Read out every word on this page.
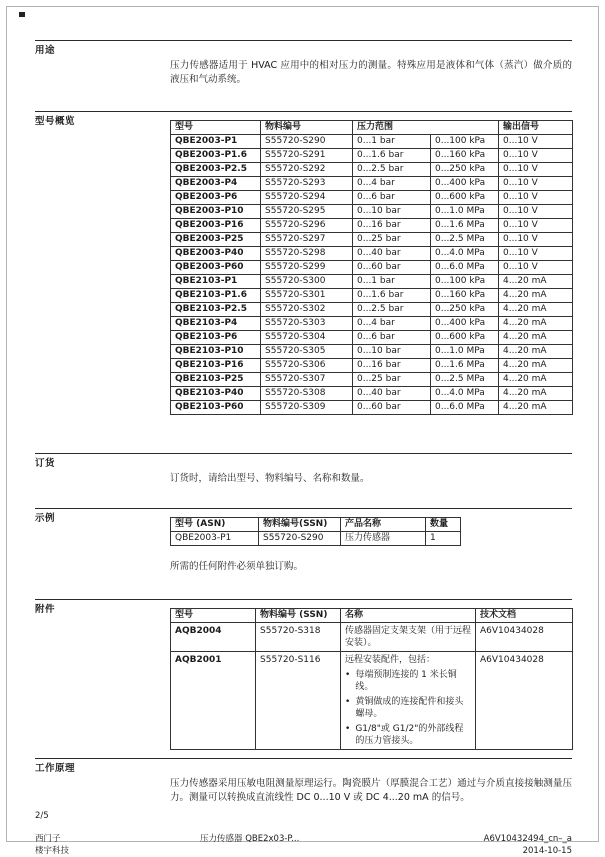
用途

压力传感器适用于 HVAC 应用中的相对压力的测量。特殊应用是液体和气体（蒸汽）做介质的液压和气动系统。

型号概览	型号	物料编号	压力范围		输出信号
QBE2003-P1	S55720-S290	0...1 bar	0...100 kPa	0...10 V
QBE2003-P1.6	S55720-S291	0...1.6 bar	0...160 kPa	0...10 V
QBE2003-P2.5	S55720-S292	0...2.5 bar	0...250 kPa	0...10 V
QBE2003-P4	S55720-S293	0...4 bar	0...400 kPa	0...10 V
QBE2003-P6	S55720-S294	0...6 bar	0...600 kPa	0...10 V
QBE2003-P10	S55720-S295	0...10 bar	0...1.0 MPa	0...10 V
QBE2003-P16	S55720-S296	0...16 bar	0...1.6 MPa	0...10 V
QBE2003-P25	S55720-S297	0...25 bar	0...2.5 MPa	0...10 V
QBE2003-P40	S55720-S298	0...40 bar	0...4.0 MPa	0...10 V
QBE2003-P60	S55720-S299	0...60 bar	0...6.0 MPa	0...10 V
QBE2103-P1	S55720-S300	0...1 bar	0...100 kPa	4...20 mA
QBE2103-P1.6	S55720-S301	0...1.6 bar	0...160 kPa	4...20 mA
QBE2103-P2.5	S55720-S302	0...2.5 bar	0...250 kPa	4...20 mA
QBE2103-P4	S55720-S303	0...4 bar	0...400 kPa	4...20 mA
QBE2103-P6	S55720-S304	0...6 bar	0...600 kPa	4...20 mA
QBE2103-P10	S55720-S305	0...10 bar	0...1.0 MPa	4...20 mA
QBE2103-P16	S55720-S306	0...16 bar	0...1.6 MPa	4...20 mA
QBE2103-P25	S55720-S307	0...25 bar	0...2.5 MPa	4...20 mA
QBE2103-P40	S55720-S308	0...40 bar	0...4.0 MPa	4...20 mA
QBE2103-P60	S55720-S309	0...60 bar	0...6.0 MPa	4...20 mA
订货

订货时，请给出型号、物料编号、名称和数量。

示例	型号 (ASN)	物料编号(SSN)	产品名称	数量
QBE2003-P1	S55720-S290	压力传感器	1

所需的任何附件必须单独订购。

附件	型号	物料编号 (SSN)	名称	技术文档
AQB2004	S55720-S318	传感器固定支架支架（用于远程安装）。	A6V10434028
AQB2001	S55720-S116	远程安装配件，包括：
• 每端预制连接的 1 米长铜线。
• 黄铜做成的连接配件和接头螺母。
• G1/8"或 G1/2"的外部线程的压力管接头。
	A6V10434028
工作原理

压力传感器采用压敏电阻测量原理运行。陶瓷膜片（厚膜混合工艺）通过与介质直接接触测量压力。测量可以转换成直流线性 DC 0...10 V 或 DC 4...20 mA 的信号。

2/5
西门子
楼宇科技
压力传感器 QBE2x03-P...	A6V10432494_cn–_a
2014-10-15
